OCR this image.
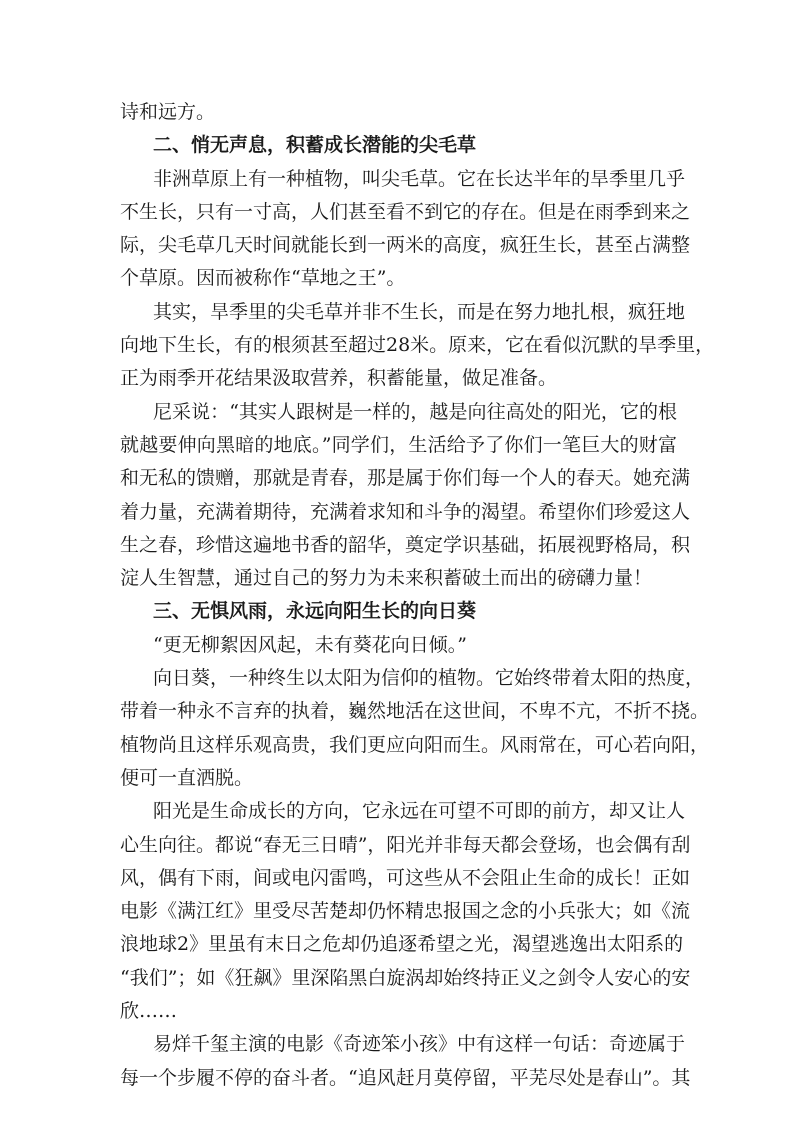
诗和远方。
二、悄无声息，积蓄成长潜能的尖毛草
非洲草原上有一种植物，叫尖毛草。它在长达半年的旱季里几乎
不生长，只有一寸高，人们甚至看不到它的存在。但是在雨季到来之
际，尖毛草几天时间就能长到一两米的高度，疯狂生长，甚至占满整
个草原。因而被称作“草地之王”。
其实，旱季里的尖毛草并非不生长，而是在努力地扎根，疯狂地
向地下生长，有的根须甚至超过28米。原来，它在看似沉默的旱季里，
正为雨季开花结果汲取营养，积蓄能量，做足准备。
尼采说：“其实人跟树是一样的，越是向往高处的阳光，它的根
就越要伸向黑暗的地底。”同学们，生活给予了你们一笔巨大的财富
和无私的馈赠，那就是青春，那是属于你们每一个人的春天。她充满
着力量，充满着期待，充满着求知和斗争的渴望。希望你们珍爱这人
生之春，珍惜这遍地书香的韶华，奠定学识基础，拓展视野格局，积
淀人生智慧，通过自己的努力为未来积蓄破土而出的磅礴力量！
三、无惧风雨，永远向阳生长的向日葵
“更无柳絮因风起，未有葵花向日倾。”
向日葵，一种终生以太阳为信仰的植物。它始终带着太阳的热度，
带着一种永不言弃的执着，巍然地活在这世间，不卑不亢，不折不挠。
植物尚且这样乐观高贵，我们更应向阳而生。风雨常在，可心若向阳，
便可一直洒脱。
阳光是生命成长的方向，它永远在可望不可即的前方，却又让人
心生向往。都说“春无三日晴”，阳光并非每天都会登场，也会偶有刮
风，偶有下雨，间或电闪雷鸣，可这些从不会阻止生命的成长！正如
电影《满江红》里受尽苦楚却仍怀精忠报国之念的小兵张大；如《流
浪地球2》里虽有末日之危却仍追逐希望之光，渴望逃逸出太阳系的
“我们”；如《狂飙》里深陷黑白旋涡却始终持正义之剑令人安心的安
欣……
易烊千玺主演的电影《奇迹笨小孩》中有这样一句话：奇迹属于
每一个步履不停的奋斗者。“追风赶月莫停留，平芜尽处是春山”。其
